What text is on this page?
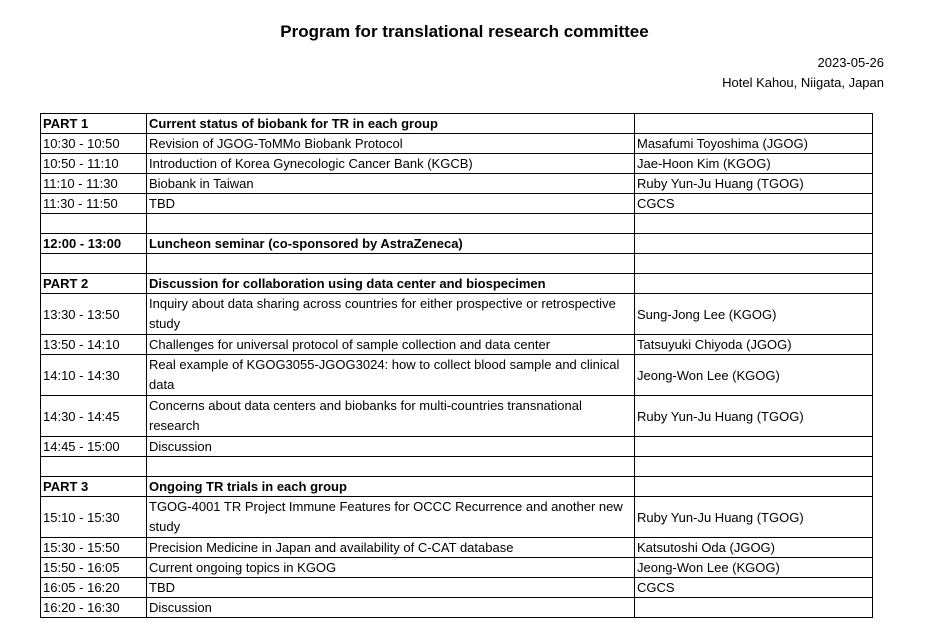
Program for translational research committee
2023-05-26
Hotel Kahou, Niigata, Japan
PART 1	Current status of biobank for TR in each group	
10:30 - 10:50	Revision of JGOG-ToMMo Biobank Protocol	Masafumi Toyoshima (JGOG)
10:50 - 11:10	Introduction of Korea Gynecologic Cancer Bank (KGCB)	Jae-Hoon Kim (KGOG)
11:10 - 11:30	Biobank in Taiwan	Ruby Yun-Ju Huang (TGOG)
11:30 - 11:50	TBD	CGCS

12:00 - 13:00	Luncheon seminar (co-sponsored by AstraZeneca)	

PART 2	Discussion for collaboration using data center and biospecimen	
13:30 - 13:50	Inquiry about data sharing across countries for either prospective or retrospective study	Sung-Jong Lee (KGOG)
13:50 - 14:10	Challenges for universal protocol of sample collection and data center	Tatsuyuki Chiyoda (JGOG)
14:10 - 14:30	Real example of KGOG3055-JGOG3024: how to collect blood sample and clinical data	Jeong-Won Lee (KGOG)
14:30 - 14:45	Concerns about data centers and biobanks for multi-countries transnational research	Ruby Yun-Ju Huang (TGOG)
14:45 - 15:00	Discussion	

PART 3	Ongoing TR trials in each group	
15:10 - 15:30	TGOG-4001 TR Project Immune Features for OCCC Recurrence and another new study	Ruby Yun-Ju Huang (TGOG)
15:30 - 15:50	Precision Medicine in Japan and availability of C-CAT database	Katsutoshi Oda (JGOG)
15:50 - 16:05	Current ongoing topics in KGOG	Jeong-Won Lee (KGOG)
16:05 - 16:20	TBD	CGCS
16:20 - 16:30	Discussion	
